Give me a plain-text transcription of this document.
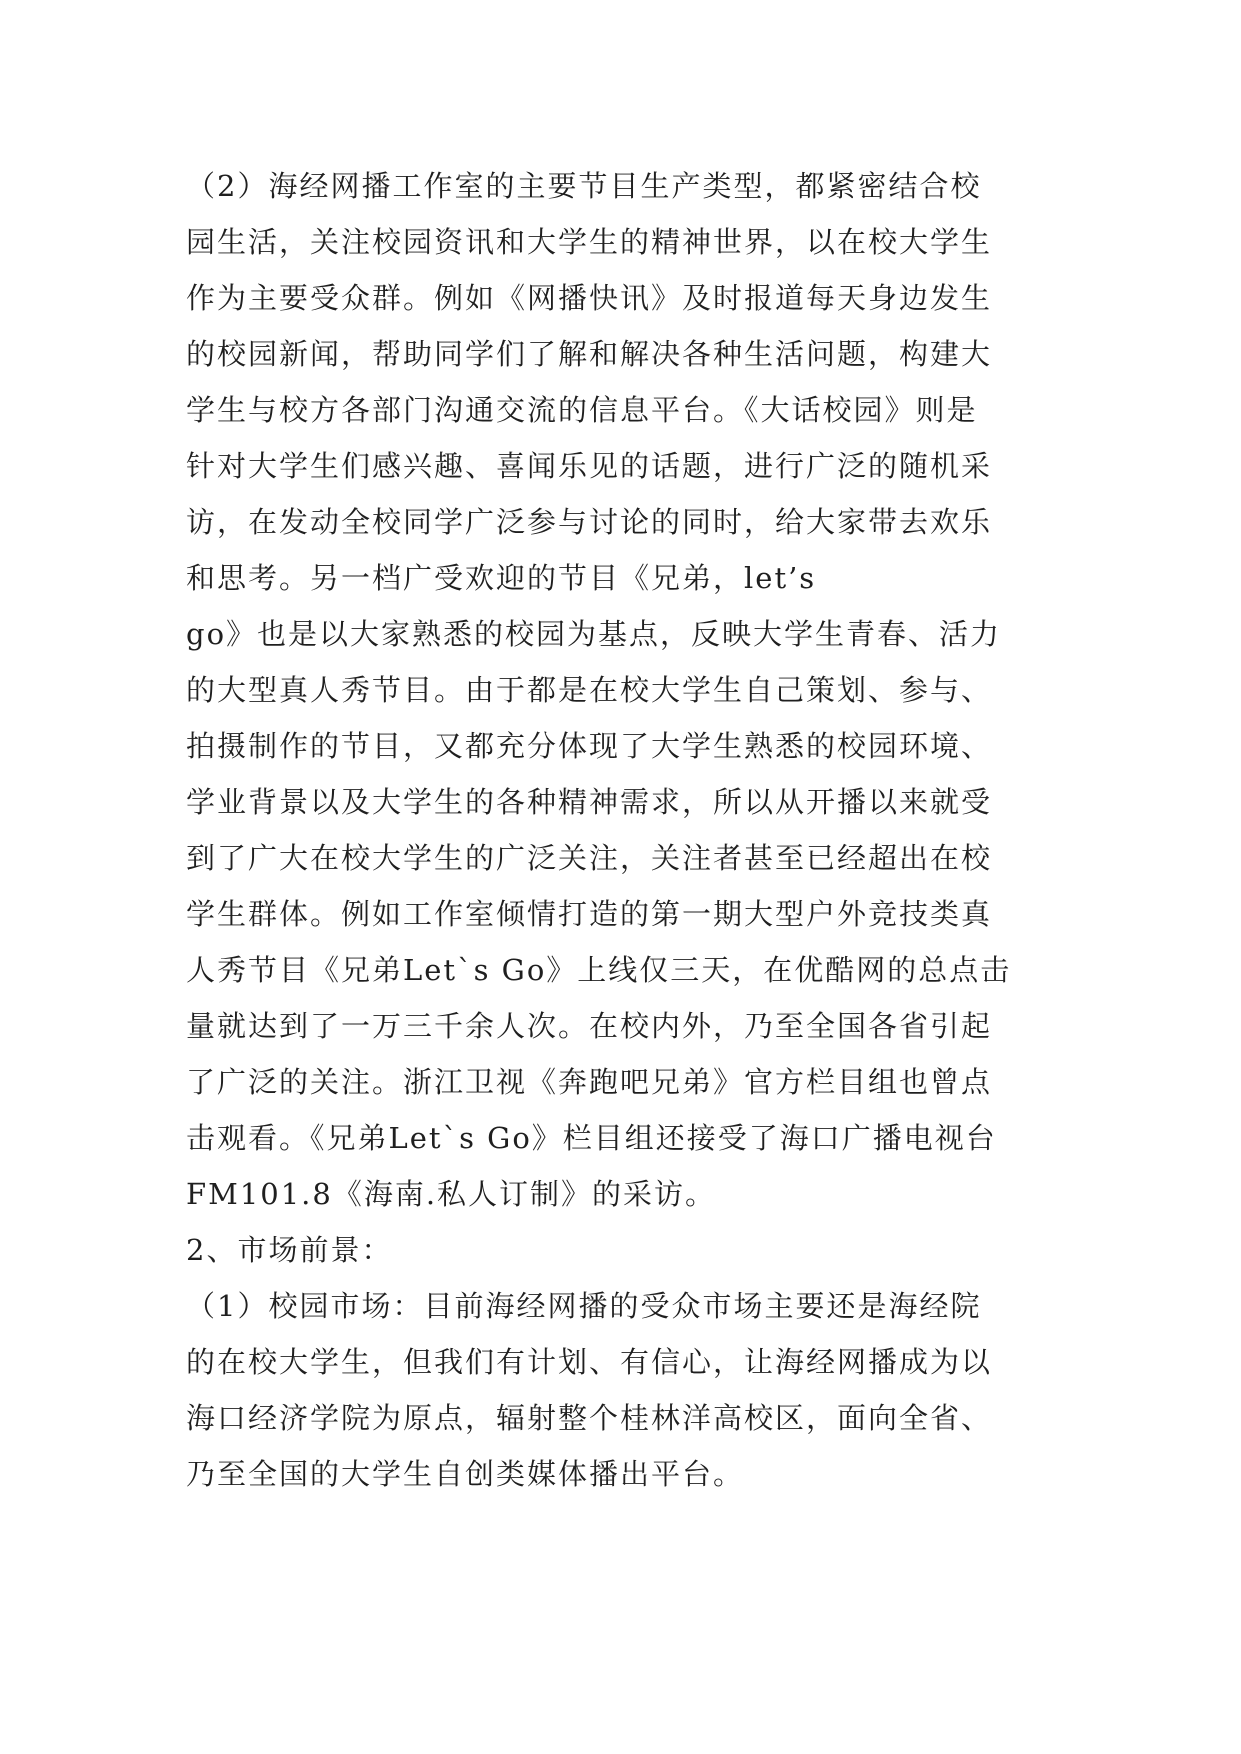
（2）海经网播工作室的主要节目生产类型，都紧密结合校
园生活，关注校园资讯和大学生的精神世界，以在校大学生
作为主要受众群。例如《网播快讯》及时报道每天身边发生
的校园新闻，帮助同学们了解和解决各种生活问题，构建大
学生与校方各部门沟通交流的信息平台。《大话校园》则是
针对大学生们感兴趣、喜闻乐见的话题，进行广泛的随机采
访，在发动全校同学广泛参与讨论的同时，给大家带去欢乐
和思考。另一档广受欢迎的节目《兄弟，let’s
go》也是以大家熟悉的校园为基点，反映大学生青春、活力
的大型真人秀节目。由于都是在校大学生自己策划、参与、
拍摄制作的节目，又都充分体现了大学生熟悉的校园环境、
学业背景以及大学生的各种精神需求，所以从开播以来就受
到了广大在校大学生的广泛关注，关注者甚至已经超出在校
学生群体。例如工作室倾情打造的第一期大型户外竞技类真
人秀节目《兄弟Let`s Go》上线仅三天，在优酷网的总点击
量就达到了一万三千余人次。在校内外，乃至全国各省引起
了广泛的关注。浙江卫视《奔跑吧兄弟》官方栏目组也曾点
击观看。《兄弟Let`s Go》栏目组还接受了海口广播电视台
FM101.8《海南.私人订制》的采访。
2、市场前景：
（1）校园市场：目前海经网播的受众市场主要还是海经院
的在校大学生，但我们有计划、有信心，让海经网播成为以
海口经济学院为原点，辐射整个桂林洋高校区，面向全省、
乃至全国的大学生自创类媒体播出平台。
